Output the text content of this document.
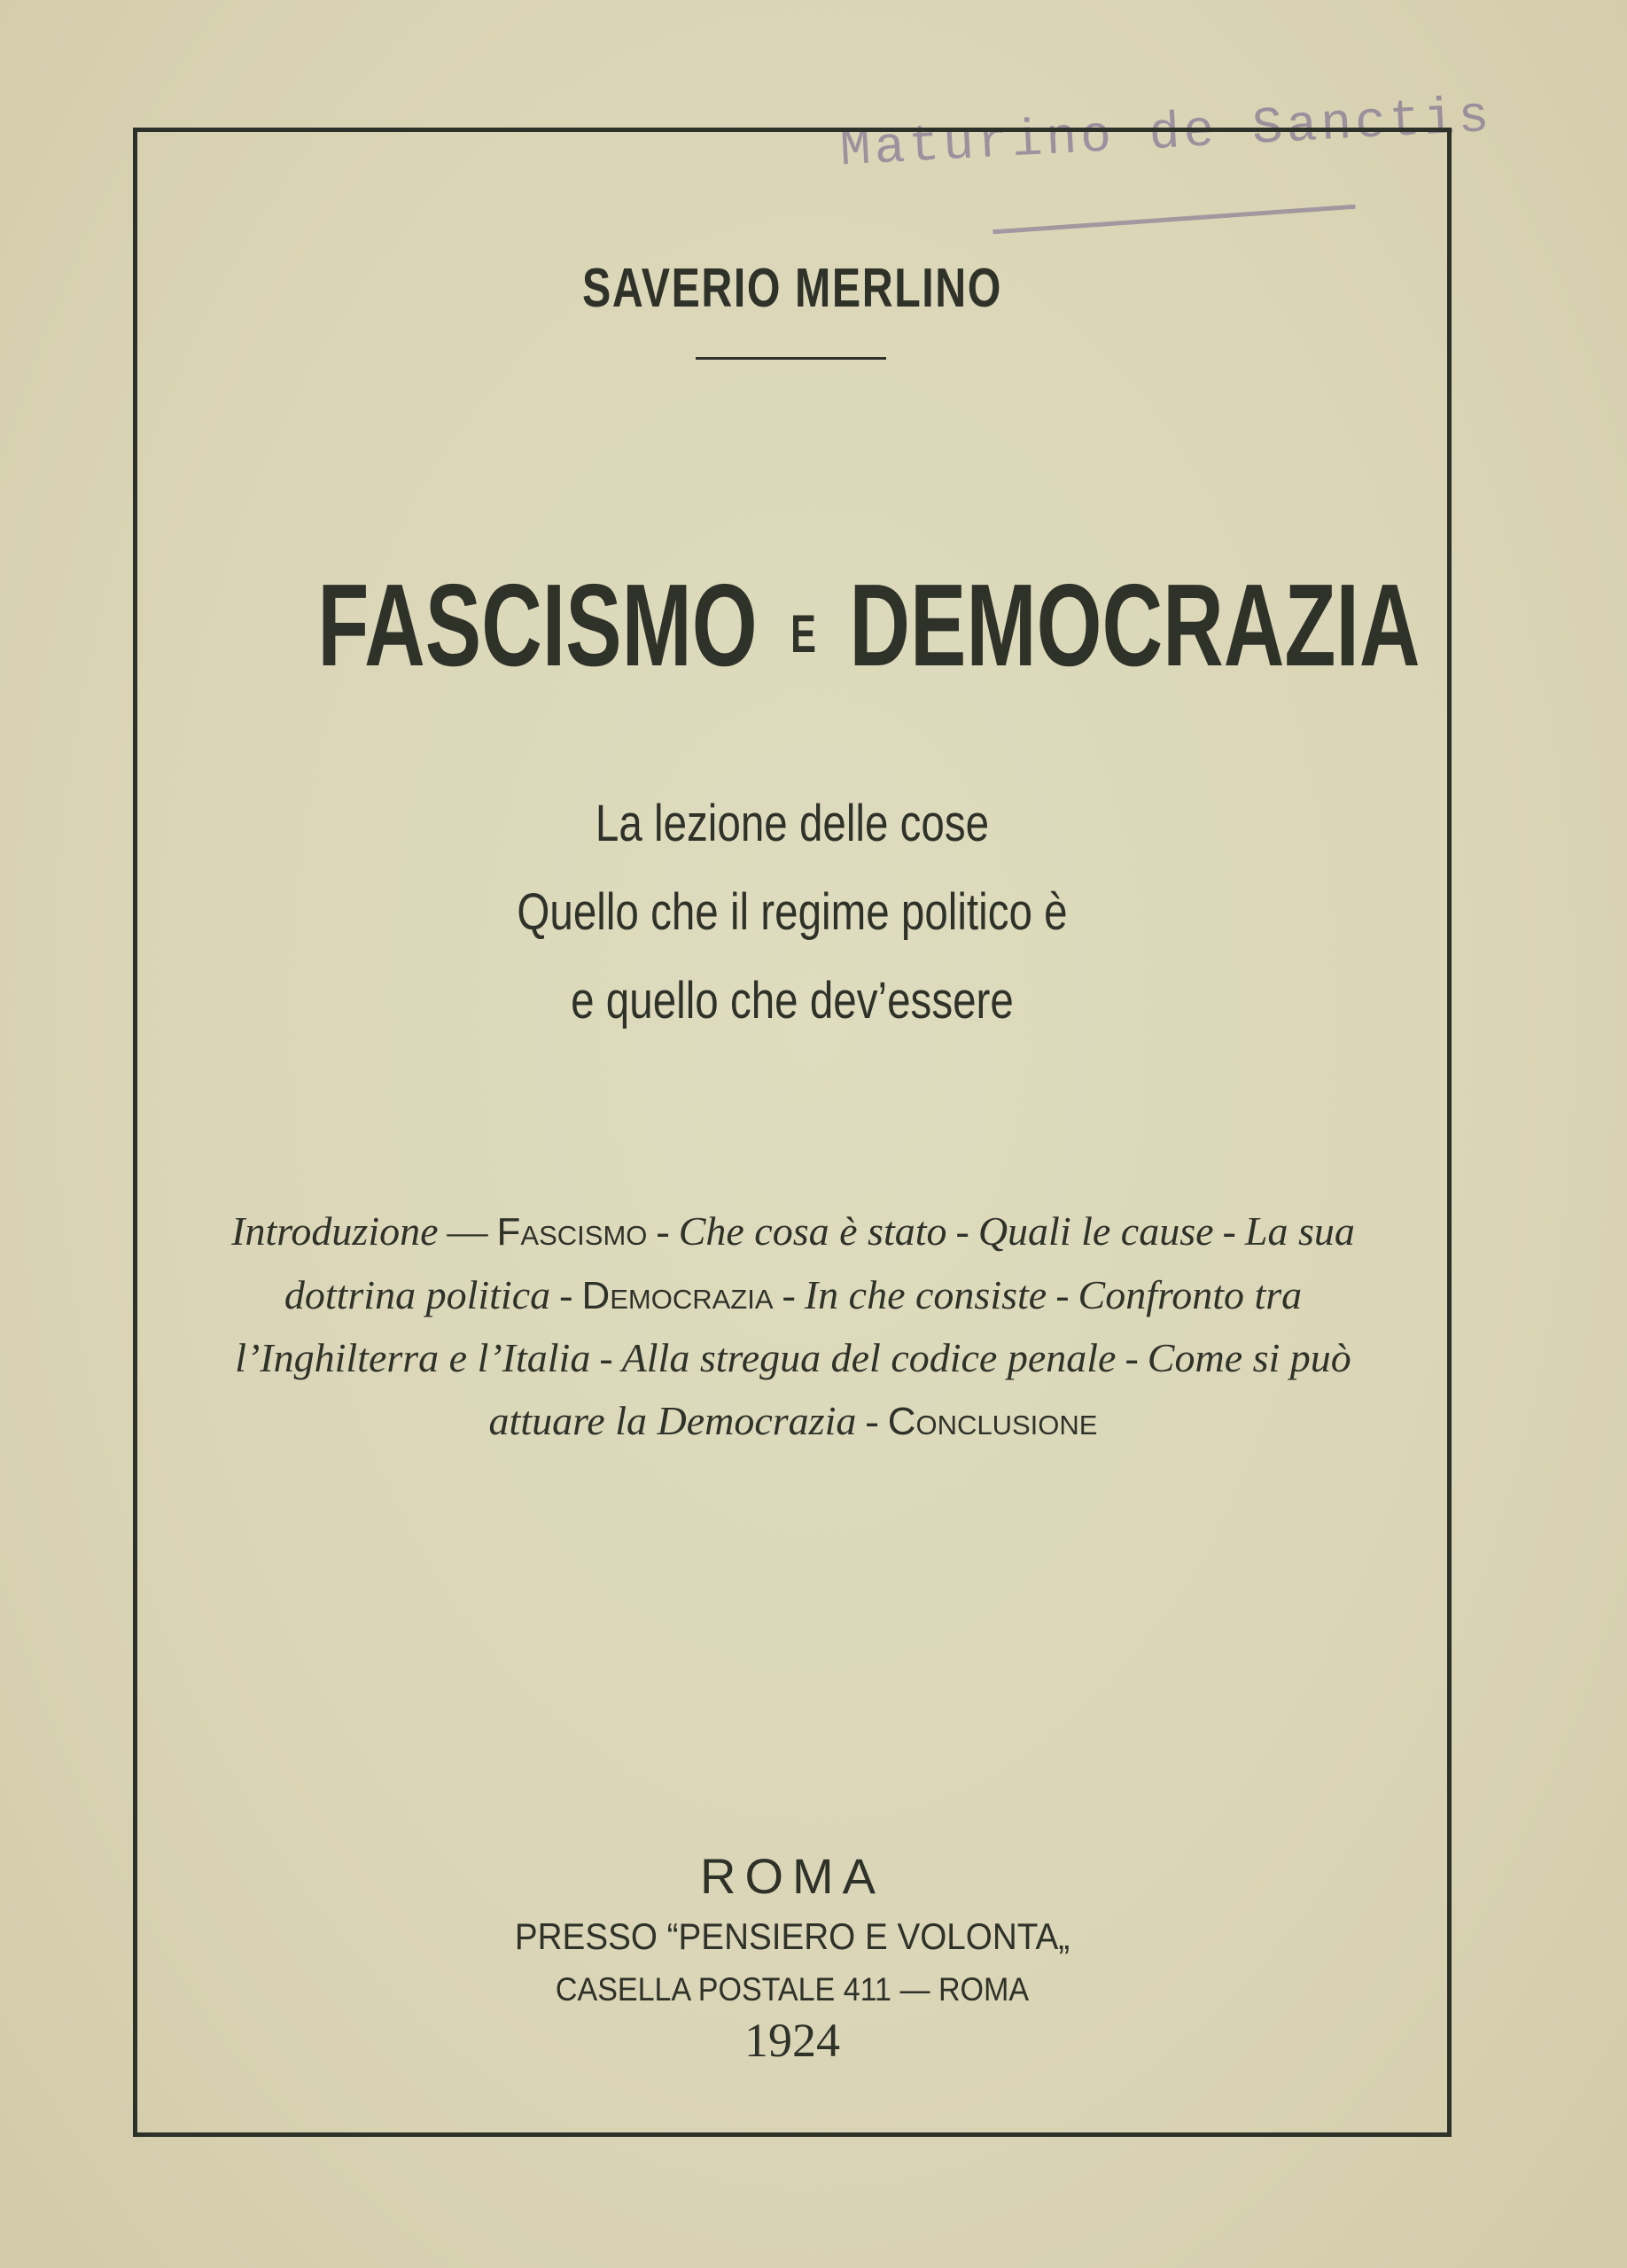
Maturino de Sanctis
SAVERIO MERLINO
FASCISMO E DEMOCRAZIA
La lezione delle cose
Quello che il regime politico è
e quello che dev’essere
Introduzione — Fascismo - Che cosa è stato - Quali le cause - La sua dottrina politica - Democrazia - In che consiste - Confronto tra l’Inghilterra e l’Italia - Alla stregua del codice penale - Come si può attuare la Democrazia - Conclusione
ROMA
PRESSO “PENSIERO E VOLONTA„
CASELLA POSTALE 411 — ROMA
1924
